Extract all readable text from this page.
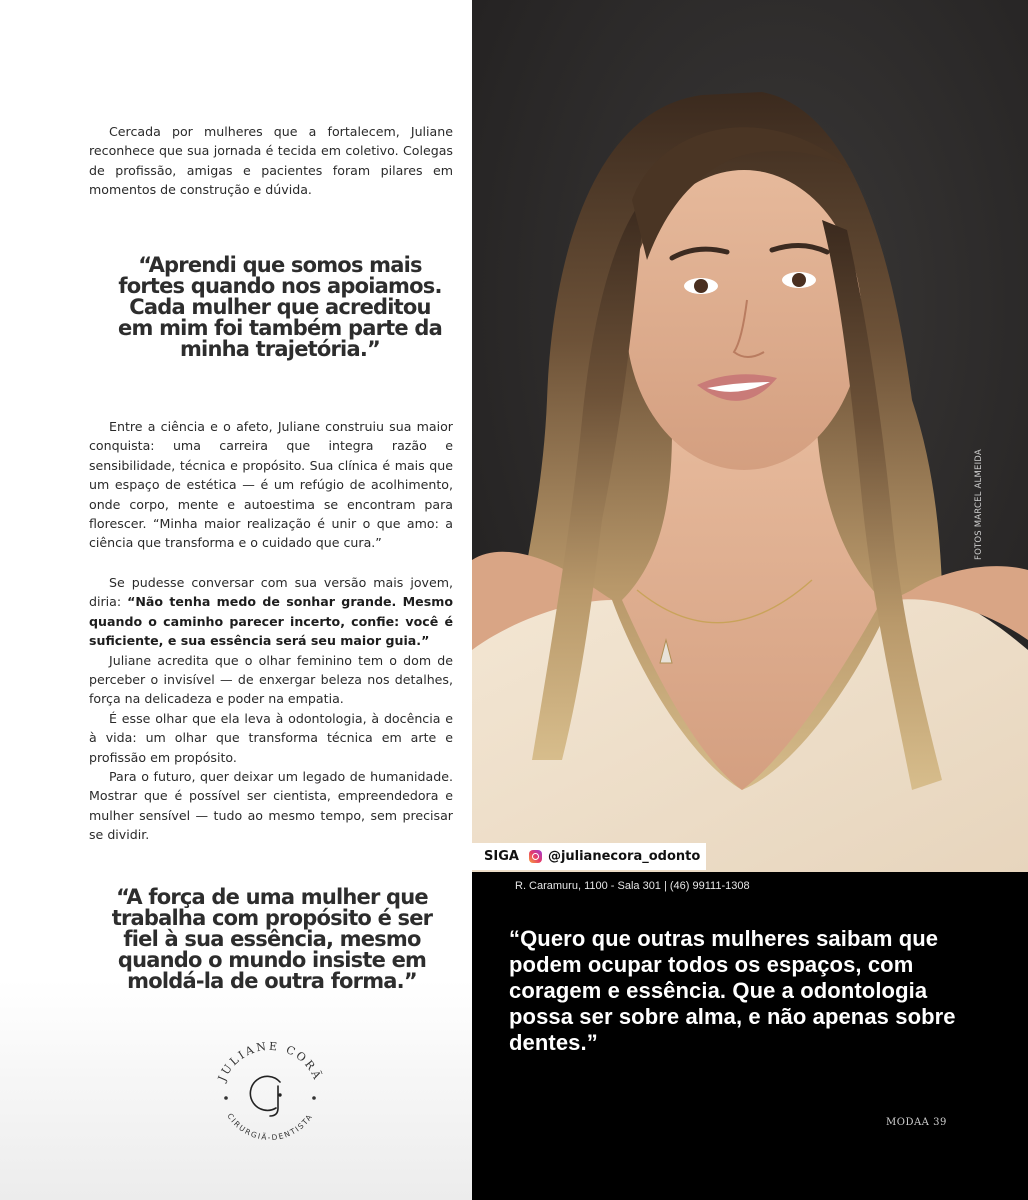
Cercada por mulheres que a fortalecem, Juliane reconhece que sua jornada é tecida em coletivo. Colegas de profissão, amigas e pacientes foram pilares em momentos de construção e dúvida.

“Aprendi que somos mais fortes quando nos apoiamos. Cada mulher que acreditou em mim foi também parte da minha trajetória.”

Entre a ciência e o afeto, Juliane construiu sua maior conquista: uma carreira que integra razão e sensibilidade, técnica e propósito. Sua clínica é mais que um espaço de estética — é um refúgio de acolhimento, onde corpo, mente e autoestima se encontram para florescer. “Minha maior realização é unir o que amo: a ciência que transforma e o cuidado que cura.”

Se pudesse conversar com sua versão mais jovem, diria: “Não tenha medo de sonhar grande. Mesmo quando o caminho parecer incerto, confie: você é suficiente, e sua essência será seu maior guia.”

Juliane acredita que o olhar feminino tem o dom de perceber o invisível — de enxergar beleza nos detalhes, força na delicadeza e poder na empatia.

É esse olhar que ela leva à odontologia, à docência e à vida: um olhar que transforma técnica em arte e profissão em propósito.

Para o futuro, quer deixar um legado de humanidade. Mostrar que é possível ser cientista, empreendedora e mulher sensível — tudo ao mesmo tempo, sem precisar se dividir.

“A força de uma mulher que trabalha com propósito é ser fiel à sua essência, mesmo quando o mundo insiste em moldá-la de outra forma.”
JULIANE CORÃ
CIRURGIÃ-DENTISTA
FOTOS MARCEL ALMEIDA
SIGA @julianecora_odonto
R. Caramuru, 1100 - Sala 301 | (46) 99111-1308
“Quero que outras mulheres saibam que podem ocupar todos os espaços, com coragem e essência. Que a odontologia possa ser sobre alma, e não apenas sobre dentes.”
MODAA 39
